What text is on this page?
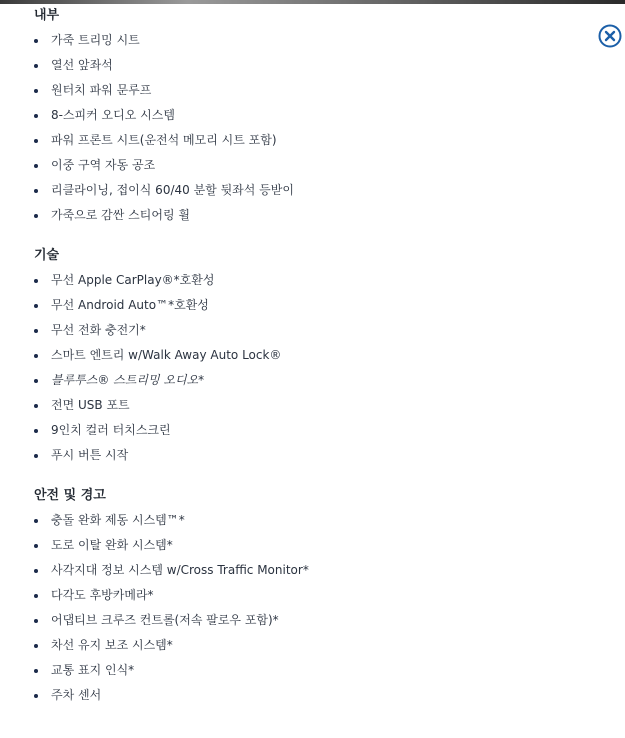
내부
가죽 트리밍 시트
열선 앞좌석
원터치 파워 문루프
8-스피커 오디오 시스템
파워 프론트 시트(운전석 메모리 시트 포함)
이중 구역 자동 공조
리클라이닝, 접이식 60/40 분할 뒷좌석 등받이
가죽으로 감싼 스티어링 휠
기술
무선 Apple CarPlay®*호환성
무선 Android Auto™*호환성
무선 전화 충전기*
스마트 엔트리 w/Walk Away Auto Lock®
블루투스® 스트리밍 오디오*
전면 USB 포트
9인치 컬러 터치스크린
푸시 버튼 시작
안전 및 경고
충돌 완화 제동 시스템™*
도로 이탈 완화 시스템*
사각지대 정보 시스템 w/Cross Traffic Monitor*
다각도 후방카메라*
어댑티브 크루즈 컨트롤(저속 팔로우 포함)*
차선 유지 보조 시스템*
교통 표지 인식*
주차 센서
